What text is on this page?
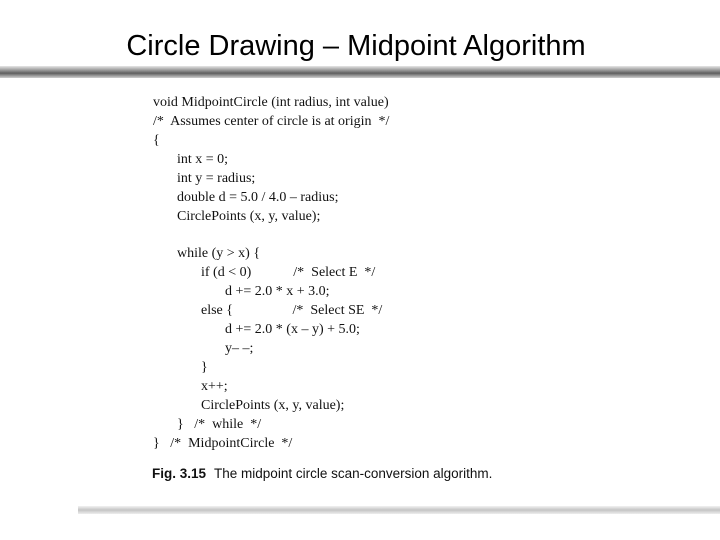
Circle Drawing – Midpoint Algorithm
void MidpointCircle (int radius, int value)
/*  Assumes center of circle is at origin  */
{
int x = 0;
int y = radius;
double d = 5.0 / 4.0 – radius;
CirclePoints (x, y, value);
while (y > x) {
if (d < 0)            /*  Select E  */
d += 2.0 * x + 3.0;
else {                 /*  Select SE  */
d += 2.0 * (x – y) + 5.0;
y– –;
}
x++;
CirclePoints (x, y, value);
}   /*  while  */
}   /*  MidpointCircle  */
Fig. 3.15 The midpoint circle scan-conversion algorithm.
